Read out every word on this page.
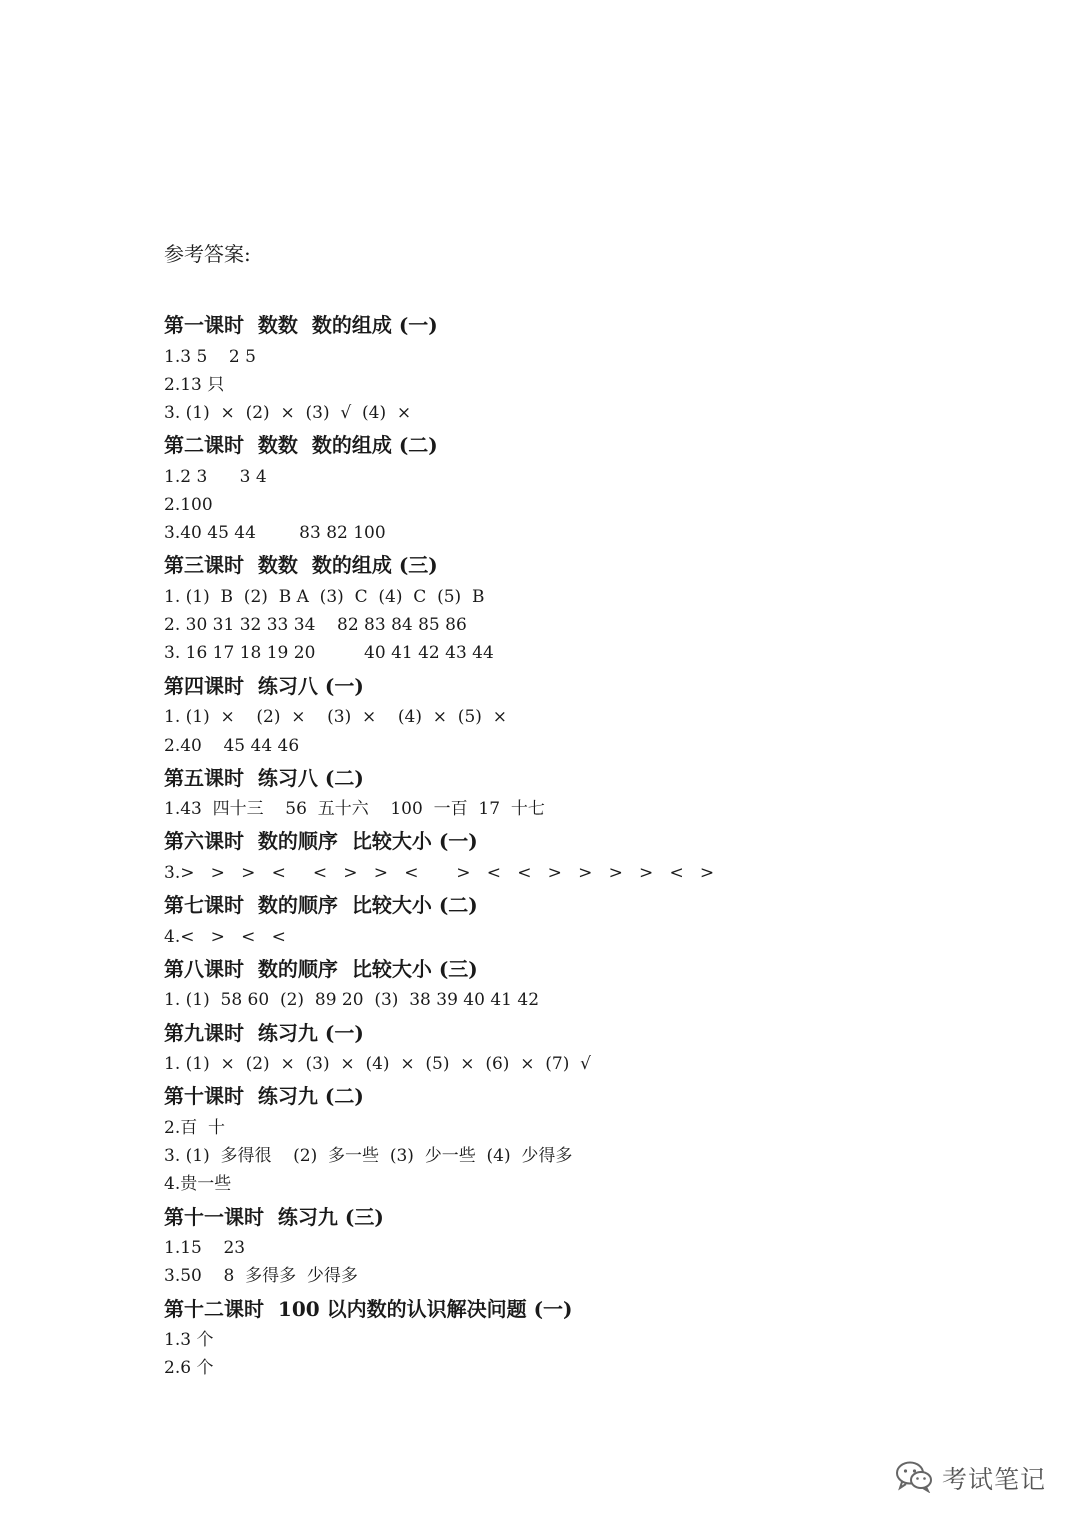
参考答案:

第一课时  数数  数的组成 (一)

1.3 5    2 5

2.13 只

3. (1)  ×  (2)  ×  (3)  √  (4)  ×

第二课时  数数  数的组成 (二)

1.2 3      3 4

2.100

3.40 45 44        83 82 100

第三课时  数数  数的组成 (三)

1. (1)  B  (2)  B A  (3)  C  (4)  C  (5)  B

2. 30 31 32 33 34    82 83 84 85 86

3. 16 17 18 19 20         40 41 42 43 44

第四课时  练习八 (一)

1. (1)  ×    (2)  ×    (3)  ×    (4)  ×  (5)  ×

2.40    45 44 46

第五课时  练习八 (二)

1.43  四十三    56  五十六    100  一百  17  十七

第六课时  数的顺序  比较大小 (一)

3.>   >   >   <     <   >   >   <       >   <   <   >   >   >   >   <   >

第七课时  数的顺序  比较大小 (二)

4.<   >   <   <

第八课时  数的顺序  比较大小 (三)

1. (1)  58 60  (2)  89 20  (3)  38 39 40 41 42

第九课时  练习九 (一)

1. (1)  ×  (2)  ×  (3)  ×  (4)  ×  (5)  ×  (6)  ×  (7)  √

第十课时  练习九 (二)

2.百  十

3. (1)  多得很    (2)  多一些  (3)  少一些  (4)  少得多

4.贵一些

第十一课时  练习九 (三)

1.15    23

3.50    8  多得多  少得多

第十二课时  100 以内数的认识解决问题 (一)

1.3 个

2.6 个

考试笔记
